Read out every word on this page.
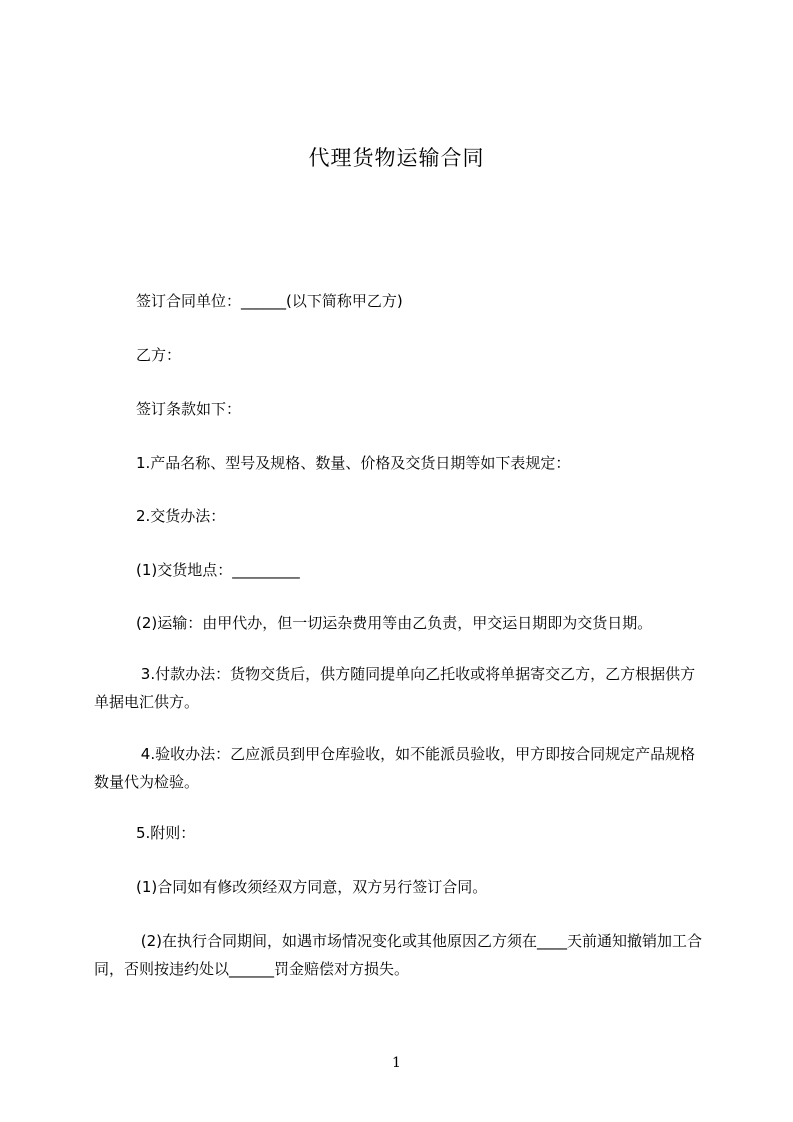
代理货物运输合同

签订合同单位：______(以下简称甲乙方)

乙方：

签订条款如下：

1.产品名称、型号及规格、数量、价格及交货日期等如下表规定：

2.交货办法：

(1)交货地点：_________

(2)运输：由甲代办，但一切运杂费用等由乙负责，甲交运日期即为交货日期。

3.付款办法：货物交货后，供方随同提单向乙托收或将单据寄交乙方，乙方根据供方单据电汇供方。

4.验收办法：乙应派员到甲仓库验收，如不能派员验收，甲方即按合同规定产品规格数量代为检验。

5.附则：

(1)合同如有修改须经双方同意，双方另行签订合同。

(2)在执行合同期间，如遇市场情况变化或其他原因乙方须在____天前通知撤销加工合同，否则按违约处以______罚金赔偿对方损失。

1
